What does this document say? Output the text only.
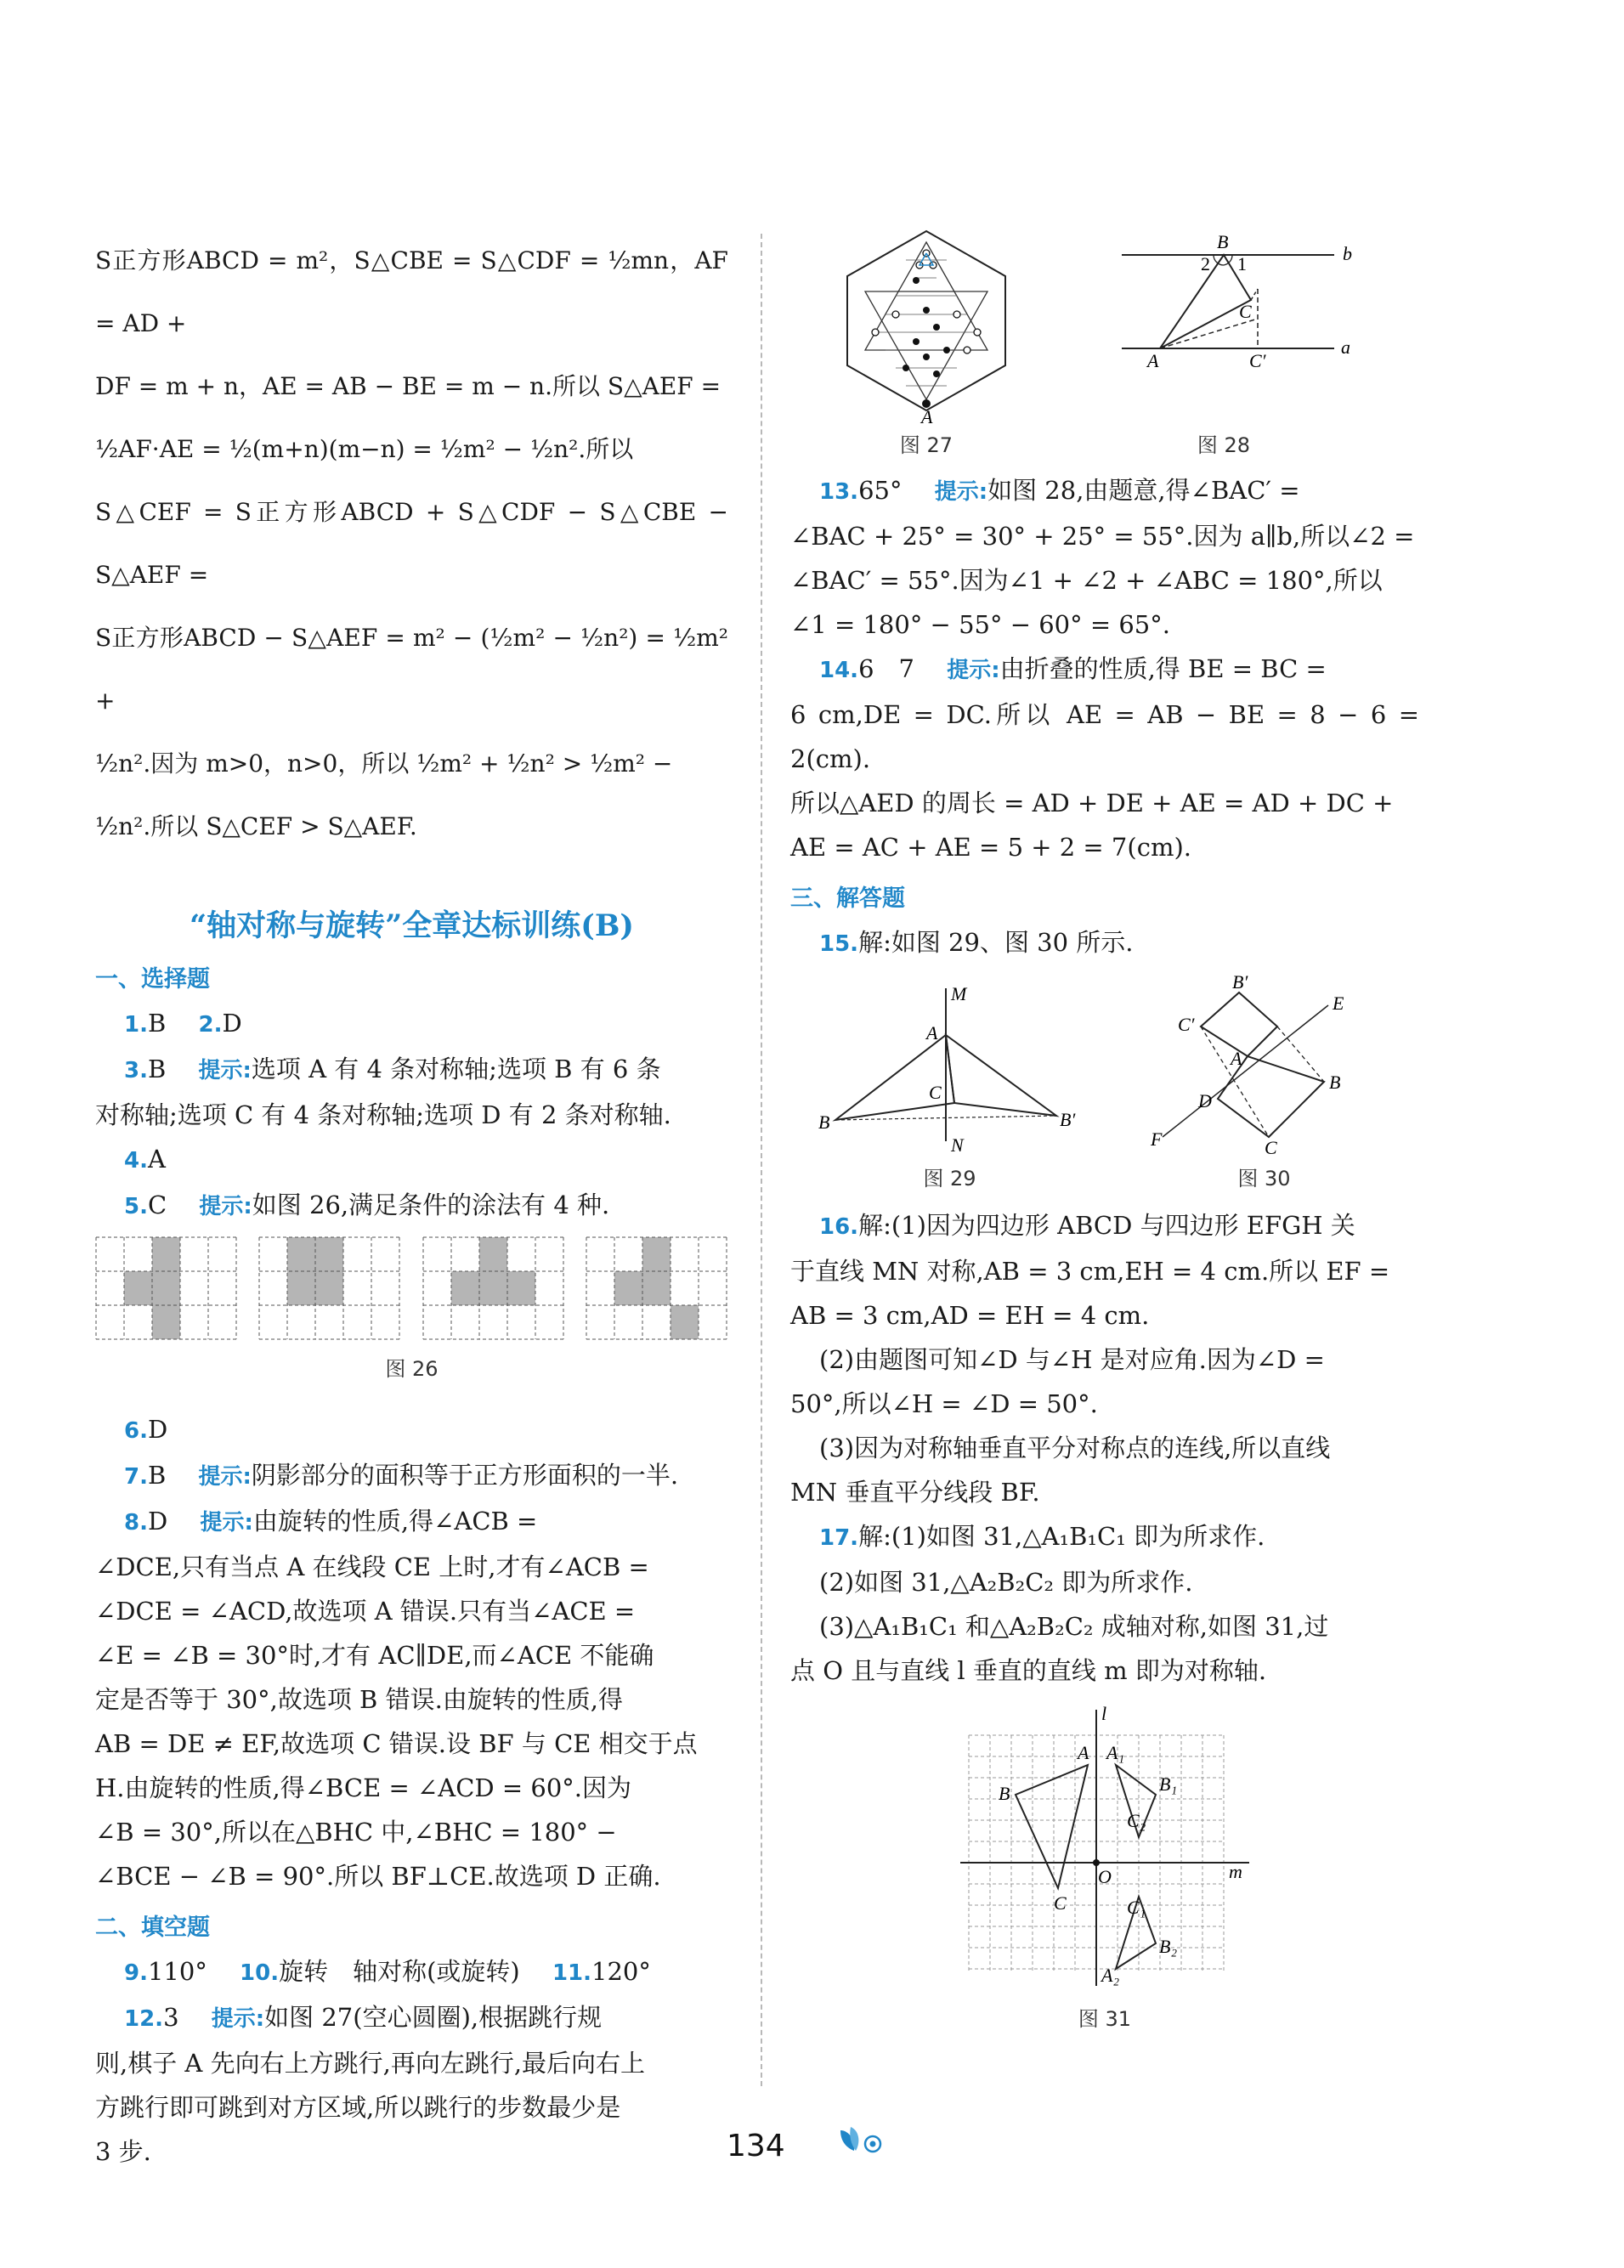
S正方形ABCD = m²，S△CBE = S△CDF = ½mn，AF = AD +

DF = m + n，AE = AB − BE = m − n.所以 S△AEF =

½AF·AE = ½(m+n)(m−n) = ½m² − ½n².所以

S△CEF = S正方形ABCD + S△CDF − S△CBE − S△AEF =

S正方形ABCD − S△AEF = m² − (½m² − ½n²) = ½m² +

½n².因为 m>0，n>0，所以 ½m² + ½n² > ½m² −

½n².所以 S△CEF > S△AEF.

“轴对称与旋转”全章达标训练(B)

一、选择题

1.B　 2.D

3.B　 提示:选项 A 有 4 条对称轴;选项 B 有 6 条

对称轴;选项 C 有 4 条对称轴;选项 D 有 2 条对称轴.

4.A

5.C　 提示:如图 26,满足条件的涂法有 4 种.

图 26

6.D

7.B　 提示:阴影部分的面积等于正方形面积的一半.

8.D　 提示:由旋转的性质,得∠ACB =

∠DCE,只有当点 A 在线段 CE 上时,才有∠ACB =

∠DCE = ∠ACD,故选项 A 错误.只有当∠ACE =

∠E = ∠B = 30°时,才有 AC∥DE,而∠ACE 不能确

定是否等于 30°,故选项 B 错误.由旋转的性质,得

AB = DE ≠ EF,故选项 C 错误.设 BF 与 CE 相交于点

H.由旋转的性质,得∠BCE = ∠ACD = 60°.因为

∠B = 30°,所以在△BHC 中,∠BHC = 180° −

∠BCE − ∠B = 90°.所以 BF⊥CE.故选项 D 正确.

二、填空题

9.110°　 10.旋转　轴对称(或旋转)　 11.120°

12.3　 提示:如图 27(空心圆圈),根据跳行规

则,棋子 A 先向右上方跳行,再向左跳行,最后向右上

方跳行即可跳到对方区域,所以跳行的步数最少是

3 步.

A
图 27
B
b
2 1
C
A	C′
a
图 28

13.65°　 提示:如图 28,由题意,得∠BAC′ =

∠BAC + 25° = 30° + 25° = 55°.因为 a∥b,所以∠2 =

∠BAC′ = 55°.因为∠1 + ∠2 + ∠ABC = 180°,所以

∠1 = 180° − 55° − 60° = 65°.

14.6　7　 提示:由折叠的性质,得 BE = BC =

6 cm,DE = DC.所以 AE = AB − BE = 8 − 6 = 2(cm).

所以△AED 的周长 = AD + DE + AE = AD + DC +

AE = AC + AE = 5 + 2 = 7(cm).

三、解答题

15.解:如图 29、图 30 所示.

M
A
C
B	B′
N
图 29
B′
E
C′
A
D
B
F	C
图 30

16.解:(1)因为四边形 ABCD 与四边形 EFGH 关

于直线 MN 对称,AB = 3 cm,EH = 4 cm.所以 EF =

AB = 3 cm,AD = EH = 4 cm.

(2)由题图可知∠D 与∠H 是对应角.因为∠D =

50°,所以∠H = ∠D = 50°.

(3)因为对称轴垂直平分对称点的连线,所以直线

MN 垂直平分线段 BF.

17.解:(1)如图 31,△A₁B₁C₁ 即为所求作.

(2)如图 31,△A₂B₂C₂ 即为所求作.

(3)△A₁B₁C₁ 和△A₂B₂C₂ 成轴对称,如图 31,过

点 O 且与直线 l 垂直的直线 m 即为对称轴.

l
A A₁
B	B₁
C₂
O	m
C	C₁
B₂
A₂
图 31
134
